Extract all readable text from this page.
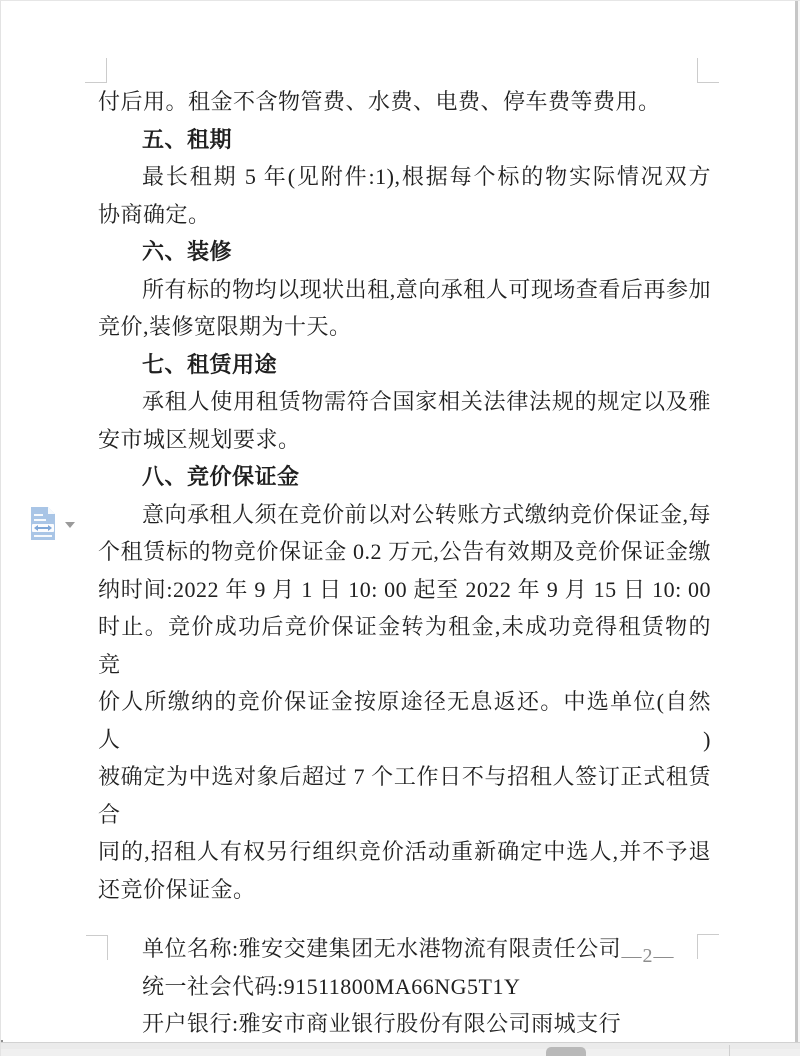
付后用。租金不含物管费、水费、电费、停车费等费用。
五、租期
最长租期 5 年(见附件:1),根据每个标的物实际情况双方
协商确定。
六、装修
所有标的物均以现状出租,意向承租人可现场查看后再参加
竞价,装修宽限期为十天。
七、租赁用途
承租人使用租赁物需符合国家相关法律法规的规定以及雅
安市城区规划要求。
八、竞价保证金
意向承租人须在竞价前以对公转账方式缴纳竞价保证金,每
个租赁标的物竞价保证金 0.2 万元,公告有效期及竞价保证金缴
纳时间:2022 年 9 月 1 日 10: 00 起至 2022 年 9 月 15 日 10: 00
时止。竞价成功后竞价保证金转为租金,未成功竞得租赁物的竞
价人所缴纳的竞价保证金按原途径无息返还。中选单位(自然人)
被确定为中选对象后超过 7 个工作日不与招租人签订正式租赁合
同的,招租人有权另行组织竞价活动重新确定中选人,并不予退
还竞价保证金。
单位名称:雅安交建集团无水港物流有限责任公司
统一社会代码:91511800MA66NG5T1Y
开户银行:雅安市商业银行股份有限公司雨城支行
—2—
